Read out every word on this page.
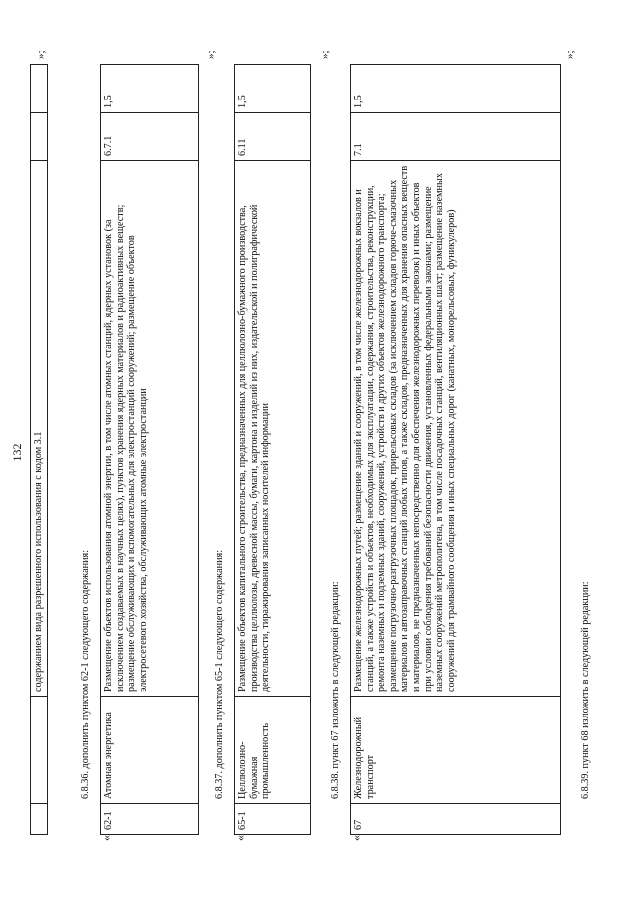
132
		содержанием вида разрешенного использования с кодом 3.1		
»;
6.8.36. дополнить пунктом 62-1 следующего содержания:
«
62-1	Атомная энергетика	Размещение объектов использования атомной энергии, в том числе атомных станций, ядерных установок (за исключением создаваемых в научных целях), пунктов хранения ядерных материалов и радиоактивных веществ; размещение обслуживающих и вспомогательных для электростанций сооружений; размещение объектов электросетевого хозяйства, обслуживающих атомные электростанции	6.7.1	1,5
»;
6.8.37. дополнить пунктом 65-1 следующего содержания:
«
65-1	Целлюлозно-бумажная промышленность	Размещение объектов капитального строительства, предназначенных для целлюлозно-бумажного производства, производства целлюлозы, древесной массы, бумаги, картона и изделий из них, издательской и полиграфической деятельности, тиражирования записанных носителей информации	6.11	1,5
»;
6.8.38. пункт 67 изложить в следующей редакции:
«
67	Железнодорожный транспорт	Размещение железнодорожных путей; размещение зданий и сооружений, в том числе железнодорожных вокзалов и станций, а также устройств и объектов, необходимых для эксплуатации, содержания, строительства, реконструкции, ремонта наземных и подземных зданий, сооружений, устройств и других объектов железнодорожного транспорта; размещение погрузочно-разгрузочных площадок, прирельсовых складов (за исключением складов горюче-смазочных материалов и автозаправочных станций любых типов, а также складов, предназначенных для хранения опасных веществ и материалов, не предназначенных непосредственно для обеспечения железнодорожных перевозок) и иных объектов при условии соблюдения требований безопасности движения, установленных федеральными законами; размещение наземных сооружений метрополитена, в том числе посадочных станций, вентиляционных шахт; размещение наземных сооружений для трамвайного сообщения и иных специальных дорог (канатных, монорельсовых, фуникулеров)	7.1	1,5
»;
6.8.39. пункт 68 изложить в следующей редакции:
